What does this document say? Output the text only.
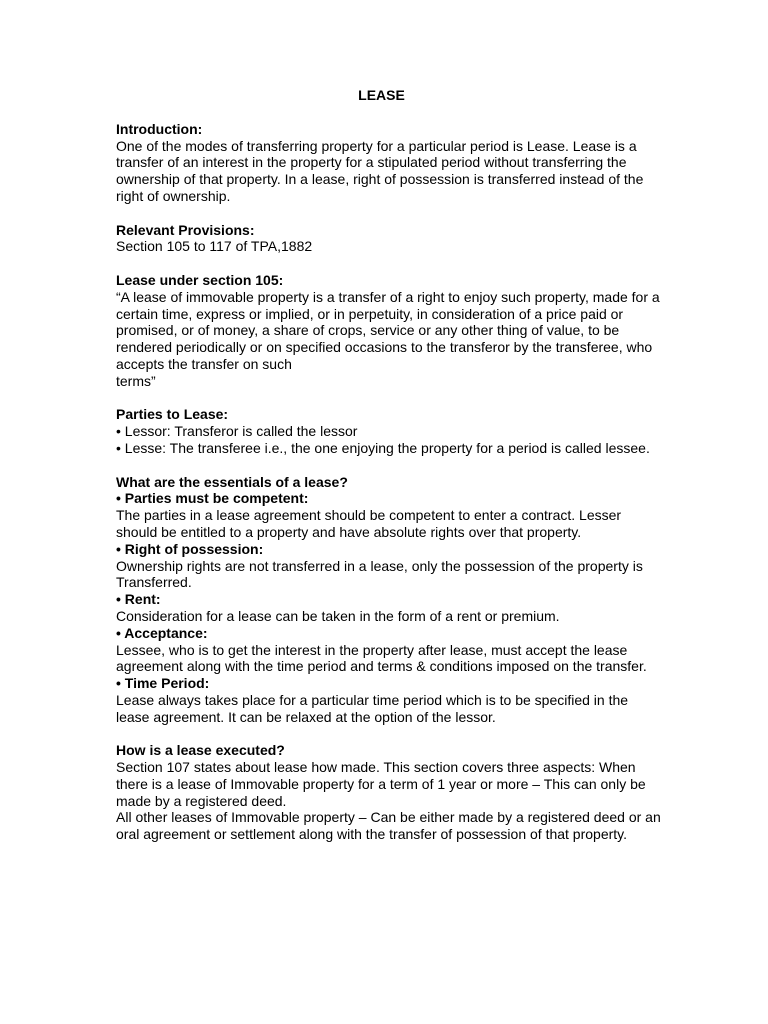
LEASE
Introduction:
One of the modes of transferring property for a particular period is Lease. Lease is a transfer of an interest in the property for a stipulated period without transferring the ownership of that property. In a lease, right of possession is transferred instead of the right of ownership.
Relevant Provisions:
Section 105 to 117 of TPA,1882
Lease under section 105:
“A lease of immovable property is a transfer of a right to enjoy such property, made for a certain time, express or implied, or in perpetuity, in consideration of a price paid or promised, or of money, a share of crops, service or any other thing of value, to be rendered periodically or on specified occasions to the transferor by the transferee, who accepts the transfer on such
terms”
Parties to Lease:
• Lessor: Transferor is called the lessor
• Lesse: The transferee i.e., the one enjoying the property for a period is called lessee.
What are the essentials of a lease?
• Parties must be competent:
The parties in a lease agreement should be competent to enter a contract. Lesser should be entitled to a property and have absolute rights over that property.
• Right of possession:
Ownership rights are not transferred in a lease, only the possession of the property is Transferred.
• Rent:
Consideration for a lease can be taken in the form of a rent or premium.
• Acceptance:
Lessee, who is to get the interest in the property after lease, must accept the lease agreement along with the time period and terms & conditions imposed on the transfer.
• Time Period:
Lease always takes place for a particular time period which is to be specified in the lease agreement. It can be relaxed at the option of the lessor.
How is a lease executed?
Section 107 states about lease how made. This section covers three aspects: When there is a lease of Immovable property for a term of 1 year or more – This can only be made by a registered deed.
All other leases of Immovable property – Can be either made by a registered deed or an oral agreement or settlement along with the transfer of possession of that property.
